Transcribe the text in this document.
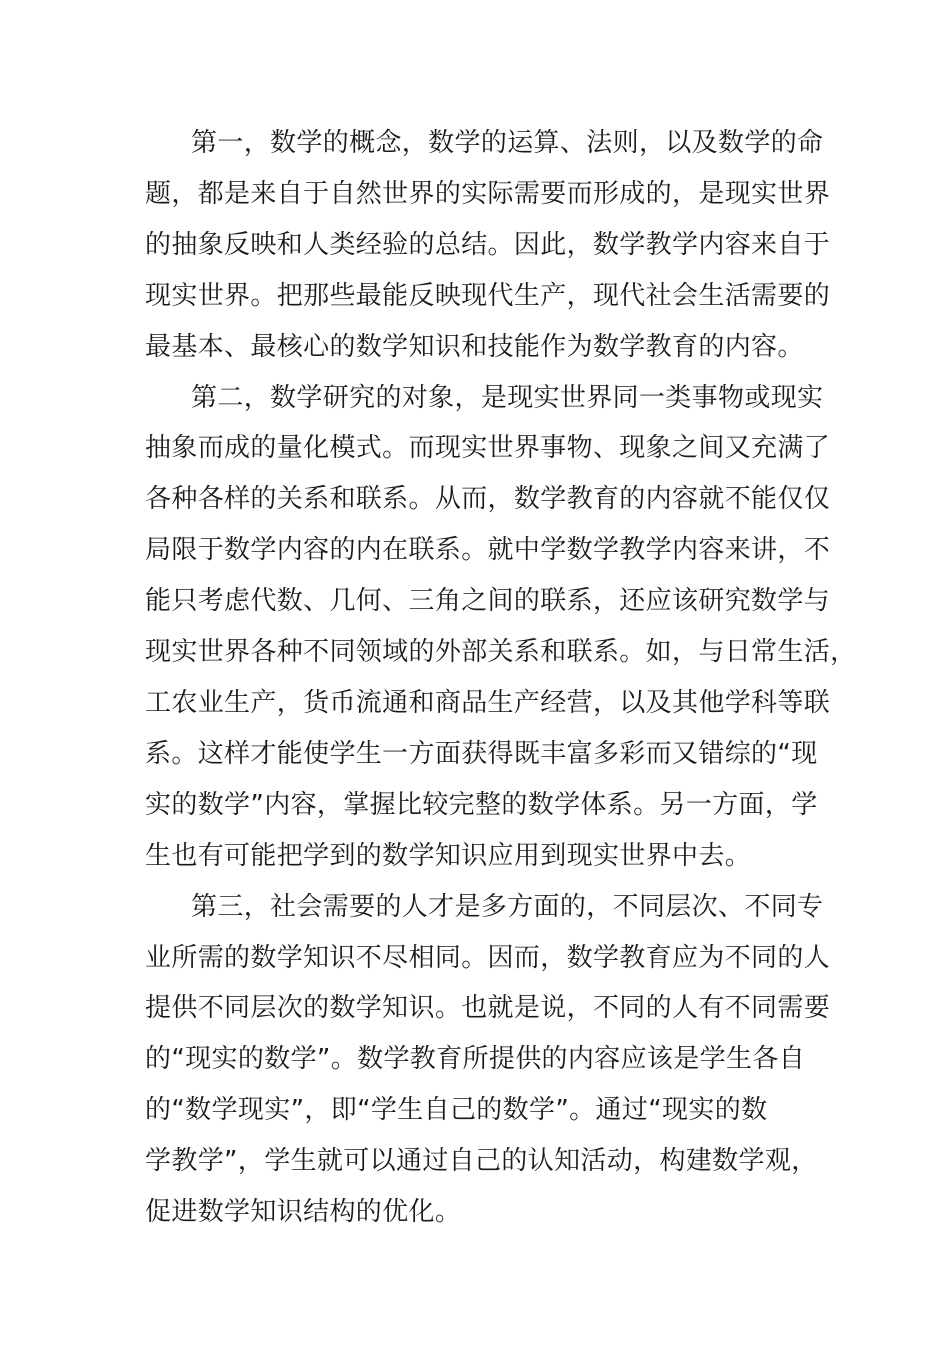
第一，数学的概念，数学的运算、法则，以及数学的命
题，都是来自于自然世界的实际需要而形成的，是现实世界
的抽象反映和人类经验的总结。因此，数学教学内容来自于
现实世界。把那些最能反映现代生产，现代社会生活需要的
最基本、最核心的数学知识和技能作为数学教育的内容。
第二，数学研究的对象，是现实世界同一类事物或现实
抽象而成的量化模式。而现实世界事物、现象之间又充满了
各种各样的关系和联系。从而，数学教育的内容就不能仅仅
局限于数学内容的内在联系。就中学数学教学内容来讲，不
能只考虑代数、几何、三角之间的联系，还应该研究数学与
现实世界各种不同领域的外部关系和联系。如，与日常生活，
工农业生产，货币流通和商品生产经营，以及其他学科等联
系。这样才能使学生一方面获得既丰富多彩而又错综的“现
实的数学”内容，掌握比较完整的数学体系。另一方面，学
生也有可能把学到的数学知识应用到现实世界中去。
第三，社会需要的人才是多方面的，不同层次、不同专
业所需的数学知识不尽相同。因而，数学教育应为不同的人
提供不同层次的数学知识。也就是说，不同的人有不同需要
的“现实的数学”。数学教育所提供的内容应该是学生各自
的“数学现实”，即“学生自己的数学”。通过“现实的数
学教学”，学生就可以通过自己的认知活动，构建数学观，
促进数学知识结构的优化。
